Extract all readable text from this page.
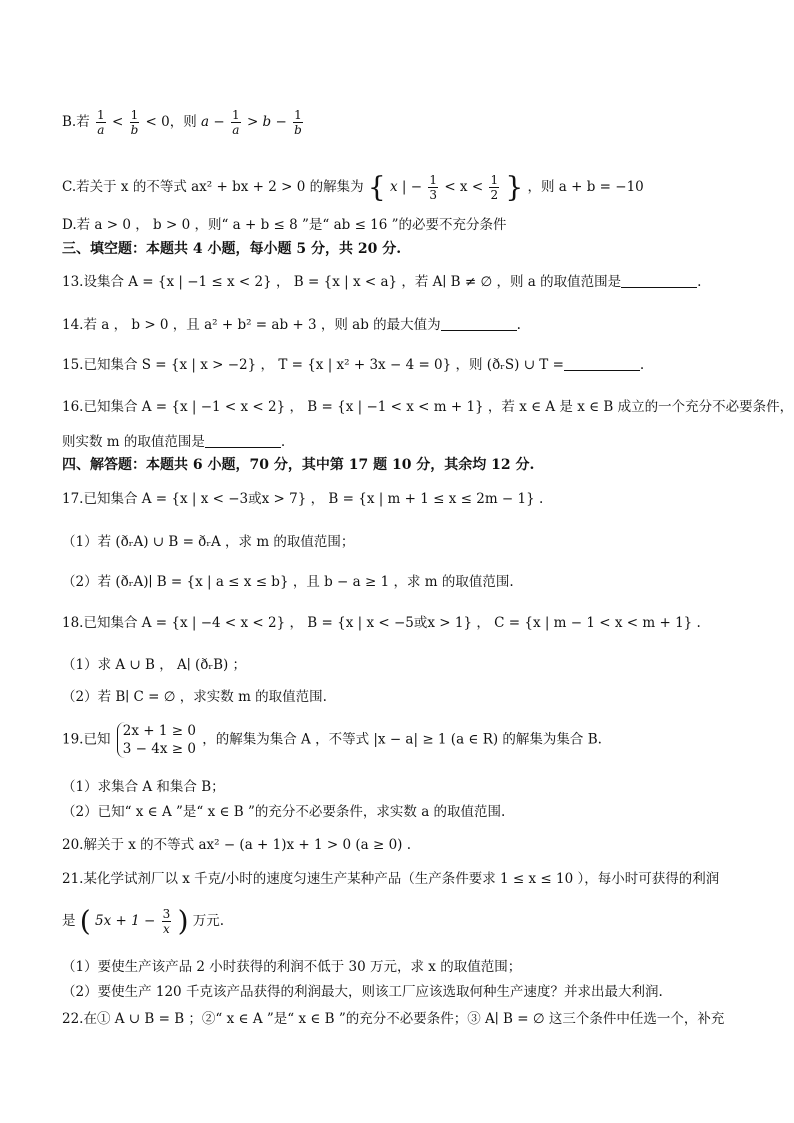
B.若 $\frac{1}{a} < \frac{1}{b} < 0$，则 $a - \frac{1}{a} > b - \frac{1}{b}$
C.若关于 x 的不等式 ax² + bx + 2 > 0 的解集为 { x | − $\frac{1}{3} < x < \frac{1}{2}$ } ，则 a + b = −10
D.若 a > 0 ， b > 0 ，则“ a + b ≤ 8 ”是“ ab ≤ 16 ”的必要不充分条件
三、填空题：本题共 4 小题，每小题 5 分，共 20 分.
13.设集合 A = {x | −1 ≤ x < 2} ， B = {x | x < a} ，若 A∣ B ≠ ∅ ，则 a 的取值范围是	.
14.若 a ， b > 0 ，且 a² + b² = ab + 3 ，则 ab 的最大值为	.
15.已知集合 S = {x | x > −2} ， T = {x | x² + 3x − 4 = 0} ，则 (ðᵣS) ∪ T =	.
16.已知集合 A = {x | −1 < x < 2} ， B = {x | −1 < x < m + 1} ，若 x ∈ A 是 x ∈ B 成立的一个充分不必要条件，
则实数 m 的取值范围是	.
四、解答题：本题共 6 小题，70 分，其中第 17 题 10 分，其余均 12 分.
17.已知集合 A = {x | x < −3或x > 7} ， B = {x | m + 1 ≤ x ≤ 2m − 1} .
（1）若 (ðᵣA) ∪ B = ðᵣA ，求 m 的取值范围；
（2）若 (ðᵣA)∣ B = {x | a ≤ x ≤ b} ，且 b − a ≥ 1 ，求 m 的取值范围.
18.已知集合 A = {x | −4 < x < 2} ， B = {x | x < −5或x > 1} ， C = {x | m − 1 < x < m + 1} .
（1）求 A ∪ B ， A∣ (ðᵣB) ；
（2）若 B∣ C = ∅ ，求实数 m 的取值范围.
19.已知
2x + 1 ≥ 0
3 − 4x ≥ 0
，的解集为集合 A ，不等式 |x − a| ≥ 1 (a ∈ R) 的解集为集合 B.
（1）求集合 A 和集合 B；
（2）已知“ x ∈ A ”是“ x ∈ B ”的充分不必要条件，求实数 a 的取值范围.
20.解关于 x 的不等式 ax² − (a + 1)x + 1 > 0 (a ≥ 0) .
21.某化学试剂厂以 x 千克/小时的速度匀速生产某种产品（生产条件要求 1 ≤ x ≤ 10 ），每小时可获得的利润
是 ( $5x + 1 - \frac{3}{x}$ ) 万元.
（1）要使生产该产品 2 小时获得的利润不低于 30 万元，求 x 的取值范围；
（2）要使生产 120 千克该产品获得的利润最大，则该工厂应该选取何种生产速度？并求出最大利润.
22.在① A ∪ B = B ；②“ x ∈ A ”是“ x ∈ B ”的充分不必要条件；③ A∣ B = ∅ 这三个条件中任选一个，补充
